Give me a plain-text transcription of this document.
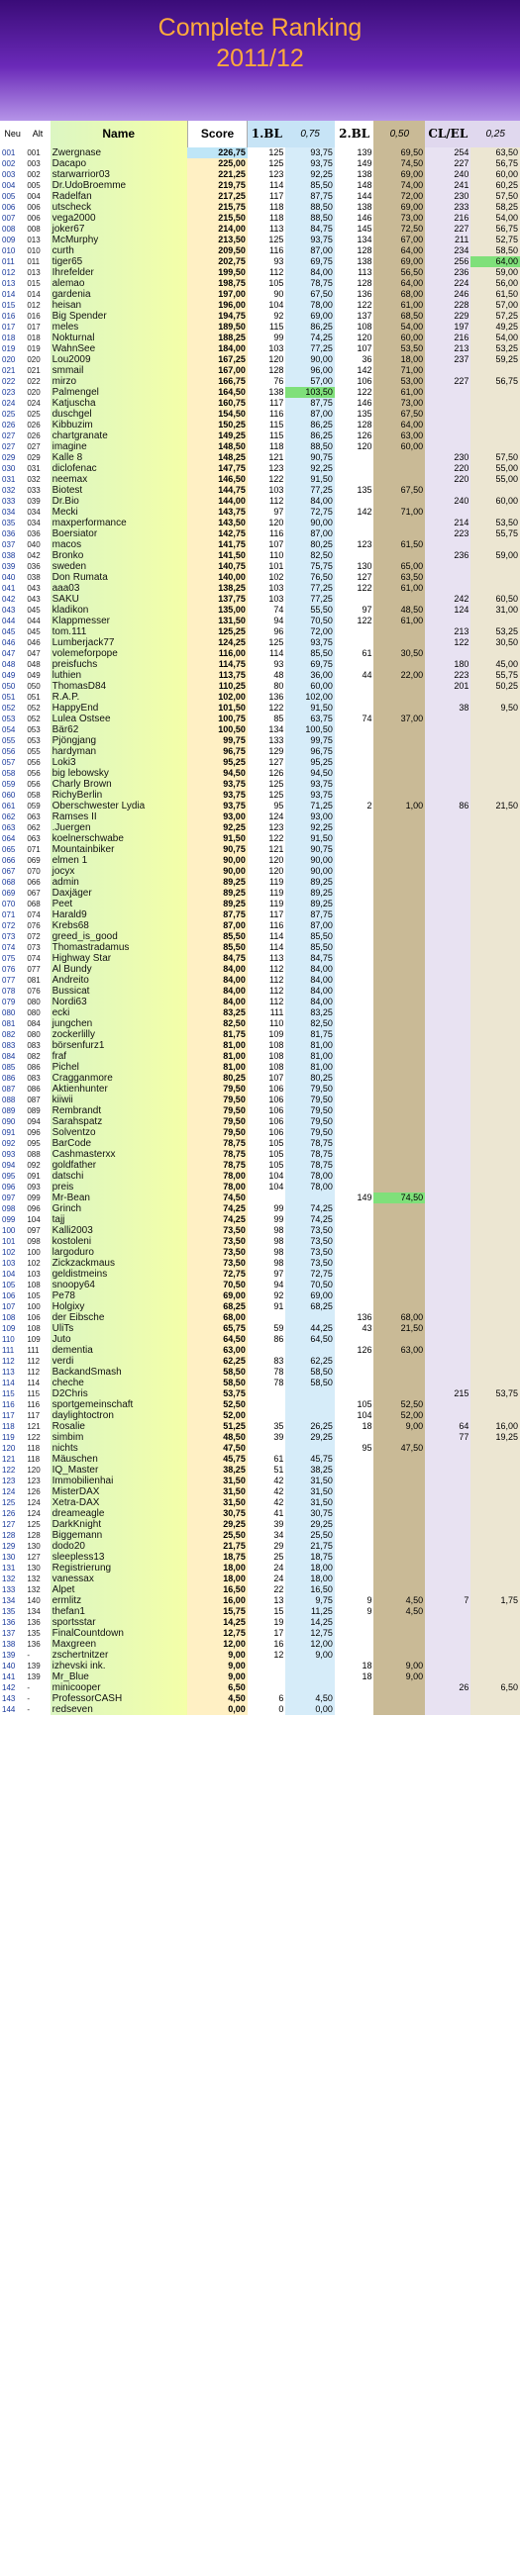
Complete Ranking
2011/12
Neu	Alt	Name	Score	1.BL	0,75	2.BL	0,50	CL/EL	0,25
001	001	Zwergnase	226,75	125	93,75	139	69,50	254	63,50
002	003	Dacapo	225,00	125	93,75	149	74,50	227	56,75
003	002	starwarrior03	221,25	123	92,25	138	69,00	240	60,00
004	005	Dr.UdoBroemme	219,75	114	85,50	148	74,00	241	60,25
005	004	Radelfan	217,25	117	87,75	144	72,00	230	57,50
006	006	utscheck	215,75	118	88,50	138	69,00	233	58,25
007	006	vega2000	215,50	118	88,50	146	73,00	216	54,00
008	008	joker67	214,00	113	84,75	145	72,50	227	56,75
009	013	McMurphy	213,50	125	93,75	134	67,00	211	52,75
010	010	curth	209,50	116	87,00	128	64,00	234	58,50
011	011	tiger65	202,75	93	69,75	138	69,00	256	64,00
012	013	Ihrefelder	199,50	112	84,00	113	56,50	236	59,00
013	015	alemao	198,75	105	78,75	128	64,00	224	56,00
014	014	gardenia	197,00	90	67,50	136	68,00	246	61,50
015	012	heisan	196,00	104	78,00	122	61,00	228	57,00
016	016	Big Spender	194,75	92	69,00	137	68,50	229	57,25
017	017	meles	189,50	115	86,25	108	54,00	197	49,25
018	018	Nokturnal	188,25	99	74,25	120	60,00	216	54,00
019	019	WahnSee	184,00	103	77,25	107	53,50	213	53,25
020	020	Lou2009	167,25	120	90,00	36	18,00	237	59,25
021	021	smmail	167,00	128	96,00	142	71,00		
022	022	mirzo	166,75	76	57,00	106	53,00	227	56,75
023	020	Palmengel	164,50	138	103,50	122	61,00		
024	024	Katjuscha	160,75	117	87,75	146	73,00		
025	025	duschgel	154,50	116	87,00	135	67,50		
026	026	Kibbuzim	150,25	115	86,25	128	64,00		
027	026	chartgranate	149,25	115	86,25	126	63,00		
027	027	imagine	148,50	118	88,50	120	60,00		
029	029	Kalle 8	148,25	121	90,75			230	57,50
030	031	diclofenac	147,75	123	92,25			220	55,00
031	032	neemax	146,50	122	91,50			220	55,00
032	033	Biotest	144,75	103	77,25	135	67,50		
033	039	Dr.Bio	144,00	112	84,00			240	60,00
034	034	Mecki	143,75	97	72,75	142	71,00		
035	034	maxperformance	143,50	120	90,00			214	53,50
036	036	Boersiator	142,75	116	87,00			223	55,75
037	040	macos	141,75	107	80,25	123	61,50		
038	042	Bronko	141,50	110	82,50			236	59,00
039	036	sweden	140,75	101	75,75	130	65,00		
040	038	Don Rumata	140,00	102	76,50	127	63,50		
041	043	aaa03	138,25	103	77,25	122	61,00		
042	043	SAKU	137,75	103	77,25			242	60,50
043	045	kladikon	135,00	74	55,50	97	48,50	124	31,00
044	044	Klappmesser	131,50	94	70,50	122	61,00		
045	045	tom.111	125,25	96	72,00			213	53,25
046	046	Lumberjack77	124,25	125	93,75			122	30,50
047	047	volemeforpope	116,00	114	85,50	61	30,50		
048	048	preisfuchs	114,75	93	69,75			180	45,00
049	049	luthien	113,75	48	36,00	44	22,00	223	55,75
050	050	ThomasD84	110,25	80	60,00			201	50,25
051	051	R.A.P.	102,00	136	102,00				
052	052	HappyEnd	101,50	122	91,50			38	9,50
053	052	Lulea Ostsee	100,75	85	63,75	74	37,00		
054	053	Bär62	100,50	134	100,50				
055	053	Pjöngjang	99,75	133	99,75				
056	055	hardyman	96,75	129	96,75				
057	056	Loki3	95,25	127	95,25				
058	056	big lebowsky	94,50	126	94,50				
059	056	Charly Brown	93,75	125	93,75				
060	058	RichyBerlin	93,75	125	93,75				
061	059	Oberschwester Lydia	93,75	95	71,25	2	1,00	86	21,50
062	063	Ramses II	93,00	124	93,00				
063	062	.Juergen	92,25	123	92,25				
064	063	koelnerschwabe	91,50	122	91,50				
065	071	Mountainbiker	90,75	121	90,75				
066	069	elmen 1	90,00	120	90,00				
067	070	jocyx	90,00	120	90,00				
068	066	admin	89,25	119	89,25				
069	067	Daxjäger	89,25	119	89,25				
070	068	Peet	89,25	119	89,25				
071	074	Harald9	87,75	117	87,75				
072	076	Krebs68	87,00	116	87,00				
073	072	greed_is_good	85,50	114	85,50				
074	073	Thomastradamus	85,50	114	85,50				
075	074	Highway Star	84,75	113	84,75				
076	077	Al Bundy	84,00	112	84,00				
077	081	Andreito	84,00	112	84,00				
078	076	Bussicat	84,00	112	84,00				
079	080	Nordi63	84,00	112	84,00				
080	080	ecki	83,25	111	83,25				
081	084	jungchen	82,50	110	82,50				
082	080	zockerlilly	81,75	109	81,75				
083	083	börsenfurz1	81,00	108	81,00				
084	082	fraf	81,00	108	81,00				
085	086	Pichel	81,00	108	81,00				
086	083	Cragganmore	80,25	107	80,25				
087	086	Aktienhunter	79,50	106	79,50				
088	087	kiiwii	79,50	106	79,50				
089	089	Rembrandt	79,50	106	79,50				
090	094	Sarahspatz	79,50	106	79,50				
091	096	Solventzo	79,50	106	79,50				
092	095	BarCode	78,75	105	78,75				
093	088	Cashmasterxx	78,75	105	78,75				
094	092	goldfather	78,75	105	78,75				
095	091	datschi	78,00	104	78,00				
096	093	preis	78,00	104	78,00				
097	099	Mr-Bean	74,50			149	74,50		
098	096	Grinch	74,25	99	74,25				
099	104	tajj	74,25	99	74,25				
100	097	Kalli2003	73,50	98	73,50				
101	098	kostoleni	73,50	98	73,50				
102	100	largoduro	73,50	98	73,50				
103	102	Zickzackmaus	73,50	98	73,50				
104	103	geldistmeins	72,75	97	72,75				
105	108	snoopy64	70,50	94	70,50				
106	105	Pe78	69,00	92	69,00				
107	100	Holgixy	68,25	91	68,25				
108	106	der Eibsche	68,00			136	68,00		
109	108	UliTs	65,75	59	44,25	43	21,50		
110	109	Juto	64,50	86	64,50				
111	111	dementia	63,00			126	63,00		
112	112	verdi	62,25	83	62,25				
113	112	BackandSmash	58,50	78	58,50				
114	114	cheche	58,50	78	58,50				
115	115	D2Chris	53,75					215	53,75
116	116	sportgemeinschaft	52,50			105	52,50		
117	117	daylightoctron	52,00			104	52,00		
118	121	Rosalie	51,25	35	26,25	18	9,00	64	16,00
119	122	simbim	48,50	39	29,25			77	19,25
120	118	nichts	47,50			95	47,50		
121	118	Mäuschen	45,75	61	45,75				
122	120	IQ_Master	38,25	51	38,25				
123	123	Immobilienhai	31,50	42	31,50				
124	126	MisterDAX	31,50	42	31,50				
125	124	Xetra-DAX	31,50	42	31,50				
126	124	dreameagle	30,75	41	30,75				
127	125	DarkKnight	29,25	39	29,25				
128	128	Biggemann	25,50	34	25,50				
129	130	dodo20	21,75	29	21,75				
130	127	sleepless13	18,75	25	18,75				
131	130	Registrierung	18,00	24	18,00				
132	132	vanessax	18,00	24	18,00				
133	132	Alpet	16,50	22	16,50				
134	140	ermlitz	16,00	13	9,75	9	4,50	7	1,75
135	134	thefan1	15,75	15	11,25	9	4,50		
136	136	sportsstar	14,25	19	14,25				
137	135	FinalCountdown	12,75	17	12,75				
138	136	Maxgreen	12,00	16	12,00				
139	-	zschertnitzer	9,00	12	9,00				
140	139	izhevski ink.	9,00			18	9,00		
141	139	Mr_Blue	9,00			18	9,00		
142	-	minicooper	6,50					26	6,50
143	-	ProfessorCASH	4,50	6	4,50				
144	-	redseven	0,00	0	0,00				
